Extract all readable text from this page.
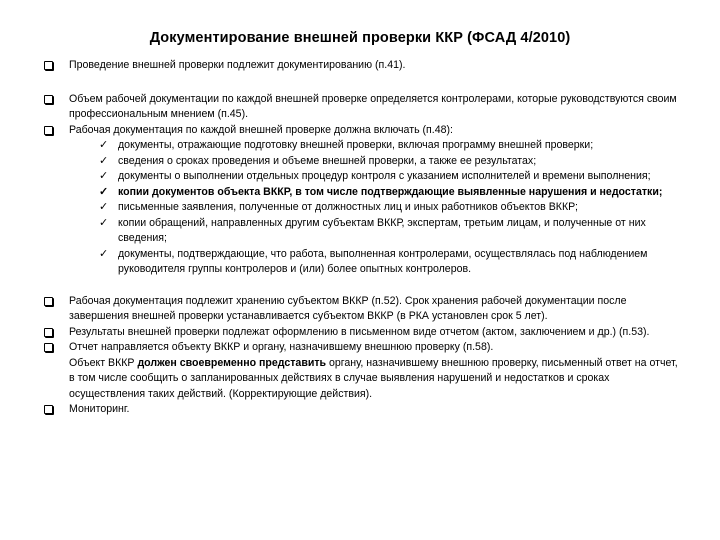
Документирование внешней проверки ККР (ФСАД 4/2010)

Проведение внешней проверки подлежит документированию (п.41).

Объем рабочей документации по каждой внешней проверке определяется контролерами, которые руководствуются своим профессиональным мнением (п.45).

Рабочая документация по каждой внешней проверке должна включать (п.48):

✓ документы, отражающие подготовку внешней проверки, включая программу внешней проверки;

✓ сведения о сроках проведения и объеме внешней проверки, а также ее результатах;

✓ документы о выполнении отдельных процедур контроля с указанием исполнителей и времени выполнения;

✓ копии документов объекта ВККР, в том числе подтверждающие выявленные нарушения и недостатки;

✓ письменные заявления, полученные от должностных лиц и иных работников объектов ВККР;

✓ копии обращений, направленных другим субъектам ВККР, экспертам, третьим лицам, и полученные от них сведения;

✓ документы, подтверждающие, что работа, выполненная контролерами, осуществлялась под наблюдением руководителя группы контролеров и (или) более опытных контролеров.

Рабочая документация подлежит хранению субъектом ВККР (п.52). Срок хранения рабочей документации после завершения внешней проверки устанавливается субъектом ВККР (в РКА установлен срок 5 лет).

Результаты внешней проверки подлежат оформлению в письменном виде отчетом (актом, заключением и др.) (п.53).

Отчет направляется объекту ВККР и органу, назначившему внешнюю проверку (п.58).

Объект ВККР должен своевременно представить органу, назначившему внешнюю проверку, письменный ответ на отчет, в том числе сообщить о запланированных действиях в случае выявления нарушений и недостатков и сроках осуществления таких действий. (Корректирующие действия).

Мониторинг.
